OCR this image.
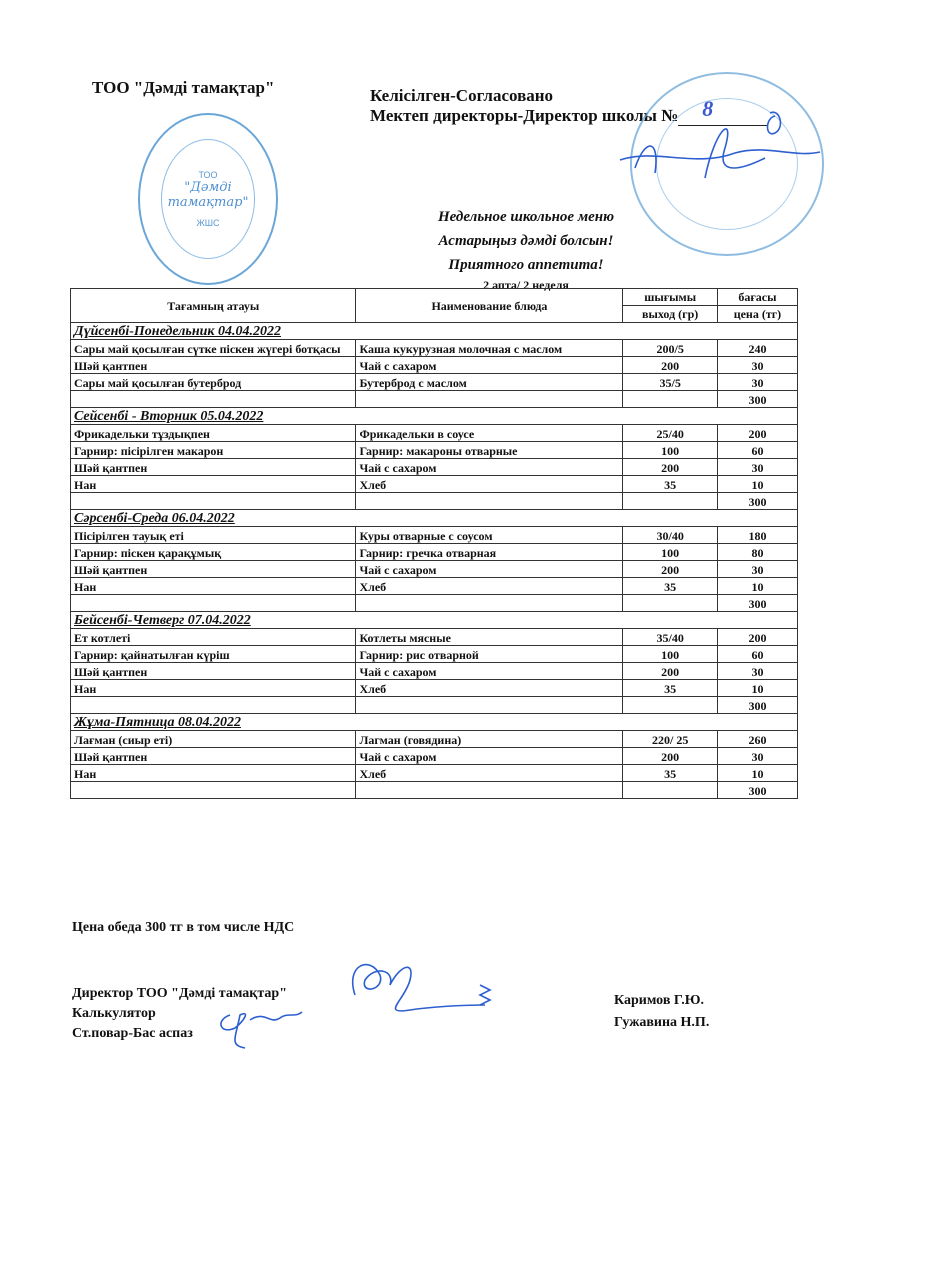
ТОО "Дәмді тамақтар"	Келісілген-Согласовано
Мектеп директоры-Директор школы № 8
ТОО
"Дәмді
тамақтар"
ЖШС	Недельное школьное меню
Астарыңыз дәмді болсын!
Приятного аппетита!
2 апта/ 2 неделя
Тағамның атауы	Наименование блюда	шығымы	бағасы
		выход (гр)	цена (тг)
Дүйсенбі-Понедельник 04.04.2022			
Сары май қосылған сүтке піскен жүгері ботқасы	Каша кукурузная молочная с маслом	200/5	240
Шәй қантпен	Чай с сахаром	200	30
Сары май қосылған бутерброд	Бутерброд с маслом	35/5	30
			300
Сейсенбі - Вторник 05.04.2022			
Фрикадельки тұздықпен	Фрикадельки в соусе	25/40	200
Гарнир: пісірілген макарон	Гарнир: макароны отварные	100	60
Шәй қантпен	Чай с сахаром	200	30
Нан	Хлеб	35	10
			300
Сәрсенбі-Среда 06.04.2022			
Пісірілген тауық еті	Куры отварные с соусом	30/40	180
Гарнир: піскен қарақұмық	Гарнир: гречка отварная	100	80
Шәй қантпен	Чай с сахаром	200	30
Нан	Хлеб	35	10
			300
Бейсенбі-Четверг 07.04.2022			
Ет котлеті	Котлеты мясные	35/40	200
Гарнир: қайнатылған күріш	Гарнир: рис отварной	100	60
Шәй қантпен	Чай с сахаром	200	30
Нан	Хлеб	35	10
			300
Жұма-Пятница 08.04.2022			
Лағман (сиыр еті)	Лагман (говядина)	220/ 25	260
Шәй қантпен	Чай с сахаром	200	30
Нан	Хлеб	35	10
			300
Цена обеда 300 тг в том числе НДС
Директор ТОО "Дәмді тамақтар"
Калькулятор
Ст.повар-Бас аспаз
Каримов Г.Ю.
Гужавина Н.П.
